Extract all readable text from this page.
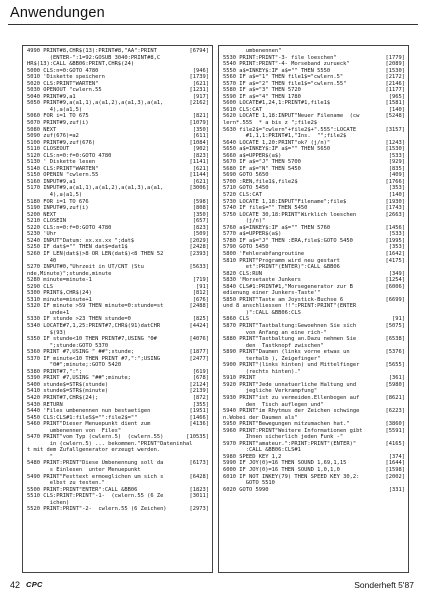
Anwendungen
4990 PRINT#8,CHR$(13):PRINT#8,"AA":PRINT	[6794]
(ENTER-":1=92:GOSUB 3040:PRINT#8,C
HR$(13):CALL &BB06:PRINT,CHR$(24)
5000 CLS:n=0:GOTO 4780	[946]
5010 'Diskette speichern	[1739]
5020 CLS:PRINT"WARTEN"	[621]
5030 OPENOUT "cwlern.55	[1231]
5040 PRINT#9,a1	[917]
5050 PRINT#9,a(a1,1),a(a1,2),a(a1,3),a(a1,	[2162]
4),a(a1,5)
5060 FOR i=1 TO 675	[821]
5070 PRINT#9,zuf(i)	[1079]
5080 NEXT	[350]
5090 zuf(676)=a2	[611]
5100 PRINT#9,zuf(676)	[1084]
5110 CLOSEOUT	[902]
5120 CLS:n=0:f=0:GOTO 4780	[823]
5130 ' Diskette lesen	[1141]
5140 CLS:PRINT"WARTEN"	[621]
5150 OPENIN "cwlern.55	[1144]
5160 INPUT#9,a1	[621]
5170 INPUT#9,a(a1,1),a(a1,2),a(a1,3),a(a1,	[3006]
4),a(a1,5)
5180 FOR i=1 TO 676	[598]
5190 INPUT#9,zuf(i)	[808]
5200 NEXT	[350]
5210 CLOSEIN	[657]
5220 CLS:n=0:f=0:GOTO 4780	[823]
5230 'Uhr	[509]
5240 INPUT"Datum: xx.xx.xx ";dat$	[2029]
5250 IF dat$="" THEN dat$=dat1$	[2428]
5260 IF LEN(dat$)>8 OR LEN(dat$)<8 THEN 52	[2393]
40
5270 INPUT#0,"Uhrzeit in UT/CNT (Stu	[5633]
nde,Minute)";stunde,minute
5280 minute=minute-1	[719]
5290 CLS	[91]
5300 PRINT$,CHR$(24)	[812]
5310 minute=minute+1	[676]
5320 IF minute >59 THEN minute=0:stunde=st	[2488]
unde+1
5330 IF stunde >23 THEN stunde=0	[825]
5340 LOCATE#7,1,25:PRINT#7,CHR$(91)datCHR	[4424]
$(93)
5350 IF stunde<10 THEN PRINT#7,USING "0#	[4076]
";stunde:GOTO 5370
5360 PRINT #7,USING " ##";stunde;	[1877]
5370 IF minute<10 THEN PRINT #7,":";USING	[2477]
"0#";minute;:GOTO 5420
5380 PRINT#7,":";	[619]
5390 PRINT #7,USING "##";minute;	[678]
5400 stunde$=STR$(stunde)	[2124]
5410 stunde$=STR$(minute)	[2139]
5420 PRINT#7,CHR$(24);	[872]
5430 RETURN	[355]
5440 'Files umbenennen nun bestaetigen	[1951]
5450 CLS:CLS#1:fileS$="":file2$=""	[1466]
5460 PRINT"Dieser Menuepunkt dient zum	[4136]
umbenennen von  Files"
5470 PRINT"vom Typ (cwlern.5)  (cwlern.55)	[10535]
in (cwlern.5) ... bekommen."PRINT"Dateninhal
t mit dem Zufallgenerator erzeugt werden.
"
5480 PRINT:PRINT"Diese Umbenennung soll da	[6173]
s Einlesen  unter Menuepunkt
5490 PRINT"Festtext ermoeglichen um sich s	[6428]
elbst zu testen."
5500 PRINT:PRINT"ENTER":CALL &BB06	[1823]
5510 CLS:PRINT:PRINT"-1-  (cwlern.55 (6 Ze	[3011]
ichen)
5520 PRINT:PRINT"-2-  cwlern.55 (6 Zeichen)	[2973]
umbenennen"
5530 PRINT:PRINT"-3- file loeschen"	[1779]
5540 PRINT:PRINT"-4- Morseband zurueck"	[2089]
5550 a$=INKEY$:IF a$="" THEN 5550	[1530]
5560 IF a$="1" THEN file1$="cwlern.5"	[2172]
5570 IF a$="2" THEN file1$="cwlern.55"	[2146]
5580 IF a$="3" THEN 5720	[1177]
5590 IF a$="4" THEN 1780	[965]
5600 LOCATE#1,24,1:PRINT#1,file1$	[1581]
5610 CLS:CAT	[140]
5620 LOCATE 1,18:INPUT"Neuer Filename  (cw	[5248]
lern*.555  * a bis z ";file2$
5630 file2$="cwlern"+file2$+".555":LOCATE	[3157]
#1,1,1:PRINT#1,"Ins.  "";file2$
5640 LOCATE 1,20:PRINT"ok? (j/n)"	[1243]
5650 a$=INKEY$:IF a$="" THEN 5650	[1530]
5660 a$=UPPER$(a$)	[533]
5670 IF a$="J" THEN 5700	[929]
5680 IF a$="N" THEN 5450	[835]
5690 GOTO 5650	[409]
5700 :REN,file1$,file2$	[1766]
5710 GOTO 5450	[353]
5720 CLS:CAT	[140]
5730 LOCATE 1,18:INPUT"Filename";file$	[1930]
5740 IF file$="" THEN 5450	[1743]
5750 LOCATE 30,18:PRINT"Wirklich loeschen	[2663]
(j/n)"
5760 a$=INKEY$:IF a$="" THEN 5760	[1456]
5770 a$=UPPER$(a$)	[533]
5780 IF a$="J" THEN :ERA,file$:GOTO 5450	[1995]
5790 GOTO 5450	[353]
5800 'Fehlerabfangroutine	[1642]
5810 PRINT"Programm wird neu gestart	[4175]
et":PRINT"(ENTER)":CALL &BB06
5820 CLS:RUN	[349]
5830 'Morsetaste Junkers	[1254]
5840 CLS#1:PRINT#1,"Morsegenerator zur B	[6006]
edienung einer Junkers-Taste'"
5850 PRINT"Taste am Joystick-Buchse 6	[6699]
und 8 anschliessen !!":PRINT:PRINT"(ENTER
)":CALL &BB06:CLS
5860 CLS	[91]
5870 PRINT"Tastbaltung:Gewoehnen Sie sich	[5075]
von Anfang an eine rich-"
5880 PRINT"Tastbaltung an.Dazu nehmen Sie	[6538]
den  Tastknopf zwischen"
5890 PRINT"Daumen (links vorne etwas un	[5376]
terhalb ), Zeigefinger"
5900 PRINT"(links hinten) und Mittelfinger	[5655]
(rechts hinten)."
5910 PRINT	[361]
5920 PRINT"Jede unnatuerliche Haltung und	[5980]
jegliche Verkrampfung"
5930 PRINT"ist zu vermeiden.Ellenbogen auf	[8621]
den  Tisch auflegen und"
5940 PRINT"im Rhytmus der Zeichen schwinge	[6223]
n.Wobei der Daumen als"
5950 PRINT"Bewegungen mitzumachen hat."	[3860]
5960 PRINT:PRINT"Weitere Informationen gibt	[5591]
Ihnen sicherlich jeden Funk -"
5970 PRINT"amateur.":PRINT:PRINT"(ENTER)"	[4165]
:CALL &BB06:CLS#1
5980 SPEED KEY 1,2	[374]
5990 IF JOY(0)=16 THEN SOUND 1,69,1,15	[1644]
6000 IF JOY(0)=16 THEN SOUND 1,0,1,0	[1598]
6010 IF NOT INKEY(79) THEN SPEED KEY 30,2:	[2002]
GOTO 5510
6020 GOTO 5990	[331]
42 CPC	Sonderheft 5'87
